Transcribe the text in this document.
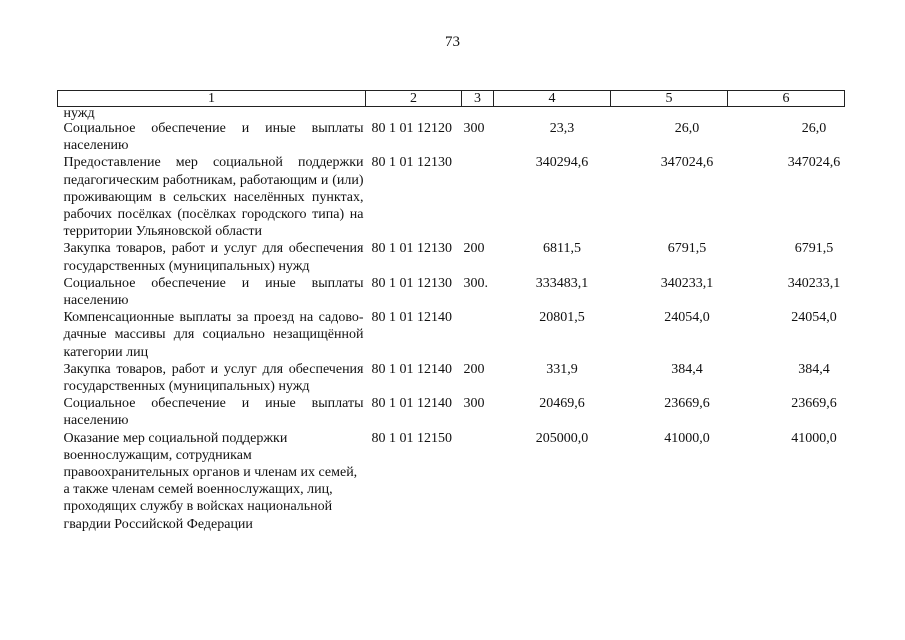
73
1	2	3	4	5	6
нужд					
Социальное обеспечение и иные выплаты населению	80 1 01 12120	300	23,3	26,0	26,0
Предоставление мер социальной поддержки педагогическим работникам, работающим и (или) проживающим в сельских населённых пунктах, рабочих посёлках (посёлках городского типа) на территории Ульяновской области	80 1 01 12130		340294,6	347024,6	347024,6
Закупка товаров, работ и услуг для обеспечения государственных (муниципальных) нужд	80 1 01 12130	200	6811,5	6791,5	6791,5
Социальное обеспечение и иные выплаты населению	80 1 01 12130	300.	333483,1	340233,1	340233,1
Компенсационные выплаты за проезд на садово-дачные массивы для социально незащищённой категории лиц	80 1 01 12140		20801,5	24054,0	24054,0
Закупка товаров, работ и услуг для обеспечения государственных (муниципальных) нужд	80 1 01 12140	200	331,9	384,4	384,4
Социальное обеспечение и иные выплаты населению	80 1 01 12140	300	20469,6	23669,6	23669,6
Оказание мер социальной поддержки военнослужащим, сотрудникам правоохранительных органов и членам их семей, а также членам семей военнослужащих, лиц, проходящих службу в войсках национальной гвардии Российской Федерации	80 1 01 12150		205000,0	41000,0	41000,0
